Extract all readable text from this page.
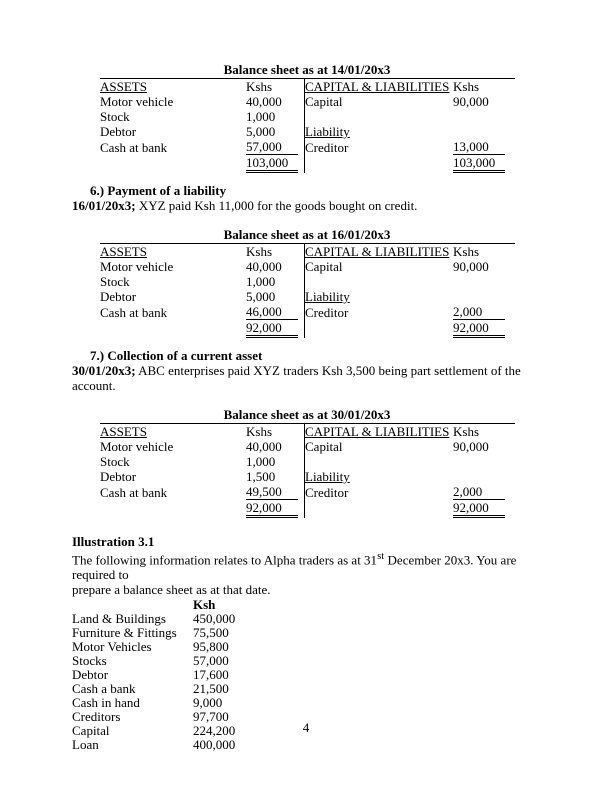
Balance sheet as at 14/01/20x3
ASSETS	Kshs	CAPITAL & LIABILITIES	Kshs
Motor vehicle	40,000	Capital	90,000
Stock	1,000		
Debtor	5,000	Liability	
Cash at bank	57,000	Creditor	13,000
	103,000		103,000
6.) Payment of a liability
16/01/20x3; XYZ paid Ksh 11,000 for the goods bought on credit.
Balance sheet as at 16/01/20x3
ASSETS	Kshs	CAPITAL & LIABILITIES	Kshs
Motor vehicle	40,000	Capital	90,000
Stock	1,000		
Debtor	5,000	Liability	
Cash at bank	46,000	Creditor	2,000
	92,000		92,000
7.) Collection of a current asset
30/01/20x3; ABC enterprises paid XYZ traders Ksh 3,500 being part settlement of the account.
Balance sheet as at 30/01/20x3
ASSETS	Kshs	CAPITAL & LIABILITIES	Kshs
Motor vehicle	40,000	Capital	90,000
Stock	1,000		
Debtor	1,500	Liability	
Cash at bank	49,500	Creditor	2,000
	92,000		92,000
Illustration 3.1
The following information relates to Alpha traders as at 31st December 20x3. You are required to
prepare a balance sheet as at that date.
Ksh
Land & Buildings	450,000
Furniture & Fittings	75,500
Motor Vehicles	95,800
Stocks	57,000
Debtor	17,600
Cash a bank	21,500
Cash in hand	9,000
Creditors	97,700
Capital	224,200
Loan	400,000
4
